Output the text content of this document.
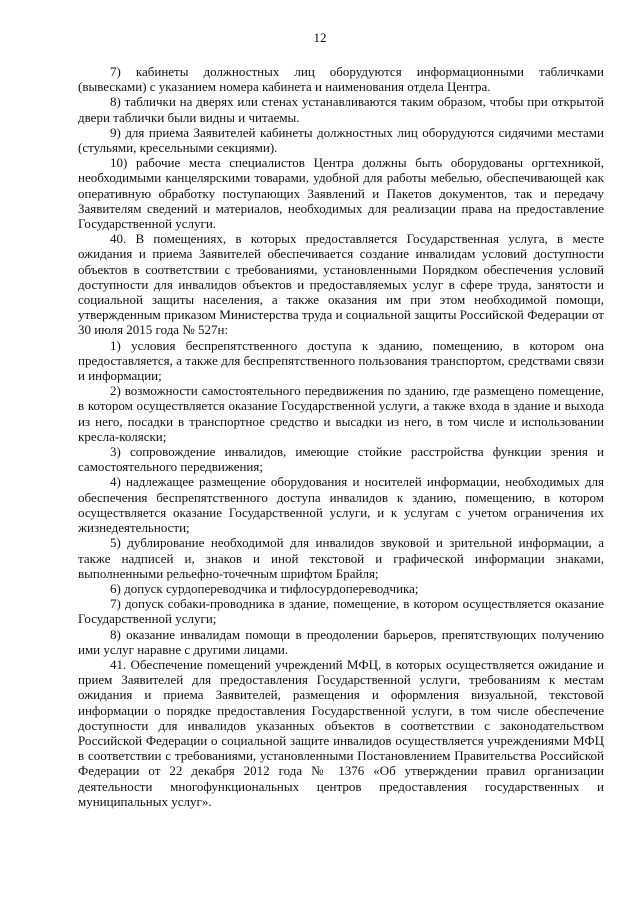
12

7) кабинеты должностных лиц оборудуются информационными табличками (вывесками) с указанием номера кабинета и наименования отдела Центра.

8) таблички на дверях или стенах устанавливаются таким образом, чтобы при открытой двери таблички были видны и читаемы.

9) для приема Заявителей кабинеты должностных лиц оборудуются сидячими местами (стульями, кресельными секциями).

10) рабочие места специалистов Центра должны быть оборудованы оргтехникой, необходимыми канцелярскими товарами, удобной для работы мебелью, обеспечивающей как оперативную обработку поступающих Заявлений и Пакетов документов, так и передачу Заявителям сведений и материалов, необходимых для реализации права на предоставление Государственной услуги.

40. В помещениях, в которых предоставляется Государственная услуга, в месте ожидания и приема Заявителей обеспечивается создание инвалидам условий доступности объектов в соответствии с требованиями, установленными Порядком обеспечения условий доступности для инвалидов объектов и предоставляемых услуг в сфере труда, занятости и социальной защиты населения, а также оказания им при этом необходимой помощи, утвержденным приказом Министерства труда и социальной защиты Российской Федерации от 30 июля 2015 года № 527н:

1) условия беспрепятственного доступа к зданию, помещению, в котором она предоставляется, а также для беспрепятственного пользования транспортом, средствами связи и информации;

2) возможности самостоятельного передвижения по зданию, где размещено помещение, в котором осуществляется оказание Государственной услуги, а также входа в здание и выхода из него, посадки в транспортное средство и высадки из него, в том числе и использовании кресла-коляски;

3) сопровождение инвалидов, имеющие стойкие расстройства функции зрения и самостоятельного передвижения;

4) надлежащее размещение оборудования и носителей информации, необходимых для обеспечения беспрепятственного доступа инвалидов к зданию, помещению, в котором осуществляется оказание Государственной услуги, и к услугам с учетом ограничения их жизнедеятельности;

5) дублирование необходимой для инвалидов звуковой и зрительной информации, а также надписей и, знаков и иной текстовой и графической информации знаками, выполненными рельефно-точечным шрифтом Брайля;

6) допуск сурдопереводчика и тифлосурдопереводчика;

7) допуск собаки-проводника в здание, помещение, в котором осуществляется оказание Государственной услуги;

8) оказание инвалидам помощи в преодолении барьеров, препятствующих получению ими услуг наравне с другими лицами.

41. Обеспечение помещений учреждений МФЦ, в которых осуществляется ожидание и прием Заявителей для предоставления Государственной услуги, требованиям к местам ожидания и приема Заявителей, размещения и оформления визуальной, текстовой информации о порядке предоставления Государственной услуги, в том числе обеспечение доступности для инвалидов указанных объектов в соответствии с законодательством Российской Федерации о социальной защите инвалидов осуществляется учреждениями МФЦ в соответствии с требованиями, установленными Постановлением Правительства Российской Федерации от 22 декабря 2012 года № 1376 «Об утверждении правил организации деятельности многофункциональных центров предоставления государственных и муниципальных услуг».
